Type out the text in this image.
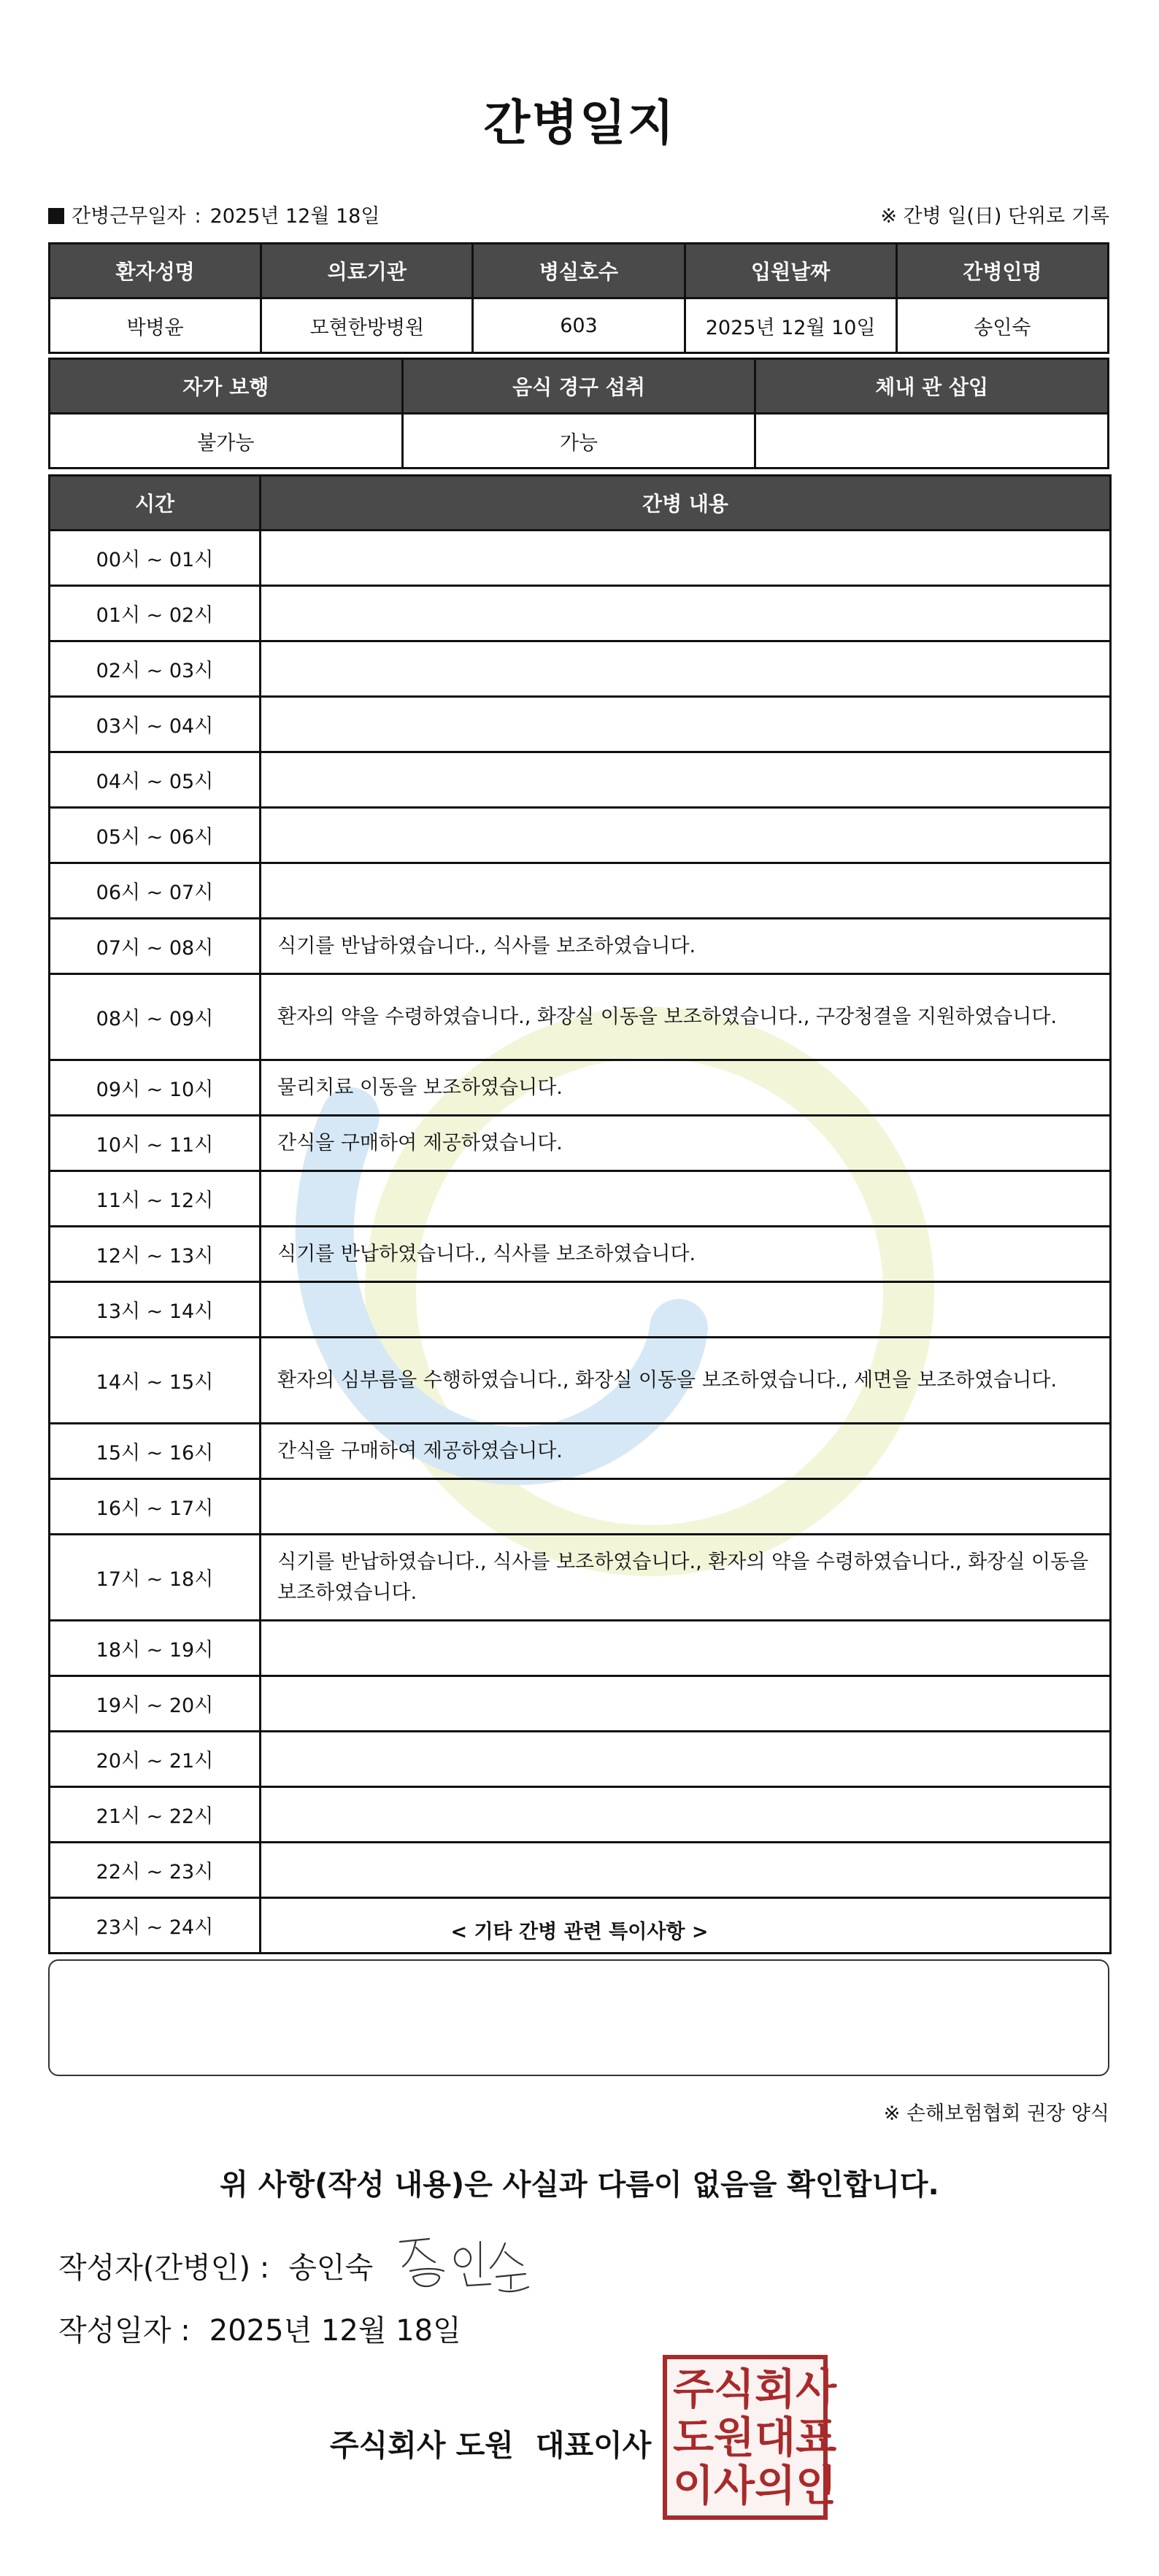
간병일지
간병근무일자 : 2025년 12월 18일	※ 간병 일(日) 단위로 기록
환자성명	의료기관	병실호수	입원날짜	간병인명
박병윤	모현한방병원	603	2025년 12월 10일	송인숙
자가 보행	음식 경구 섭취	체내 관 삽입
불가능	가능	
시간	간병 내용
00시 ~ 01시	
01시 ~ 02시	
02시 ~ 03시	
03시 ~ 04시	
04시 ~ 05시	
05시 ~ 06시	
06시 ~ 07시	
07시 ~ 08시	식기를 반납하였습니다., 식사를 보조하였습니다.
08시 ~ 09시	환자의 약을 수령하였습니다., 화장실 이동을 보조하였습니다., 구강청결을 지원하였습니다.
09시 ~ 10시	물리치료 이동을 보조하였습니다.
10시 ~ 11시	간식을 구매하여 제공하였습니다.
11시 ~ 12시	
12시 ~ 13시	식기를 반납하였습니다., 식사를 보조하였습니다.
13시 ~ 14시	
14시 ~ 15시	환자의 심부름을 수행하였습니다., 화장실 이동을 보조하였습니다., 세면을 보조하였습니다.
15시 ~ 16시	간식을 구매하여 제공하였습니다.
16시 ~ 17시	
17시 ~ 18시	식기를 반납하였습니다., 식사를 보조하였습니다., 환자의 약을 수령하였습니다., 화장실 이동을 보조하였습니다.
18시 ~ 19시	
19시 ~ 20시	
20시 ~ 21시	
21시 ~ 22시	
22시 ~ 23시	
23시 ~ 24시		< 기타 간병 관련 특이사항 >
※ 손해보험협회 권장 양식
위 사항(작성 내용)은 사실과 다름이 없음을 확인합니다.
작성자(간병인) : 송인숙
작성일자 : 2025년 12월 18일
주식회사 도원 대표이사
주
도
이
식
원
사
회
대
의
사
표
인
